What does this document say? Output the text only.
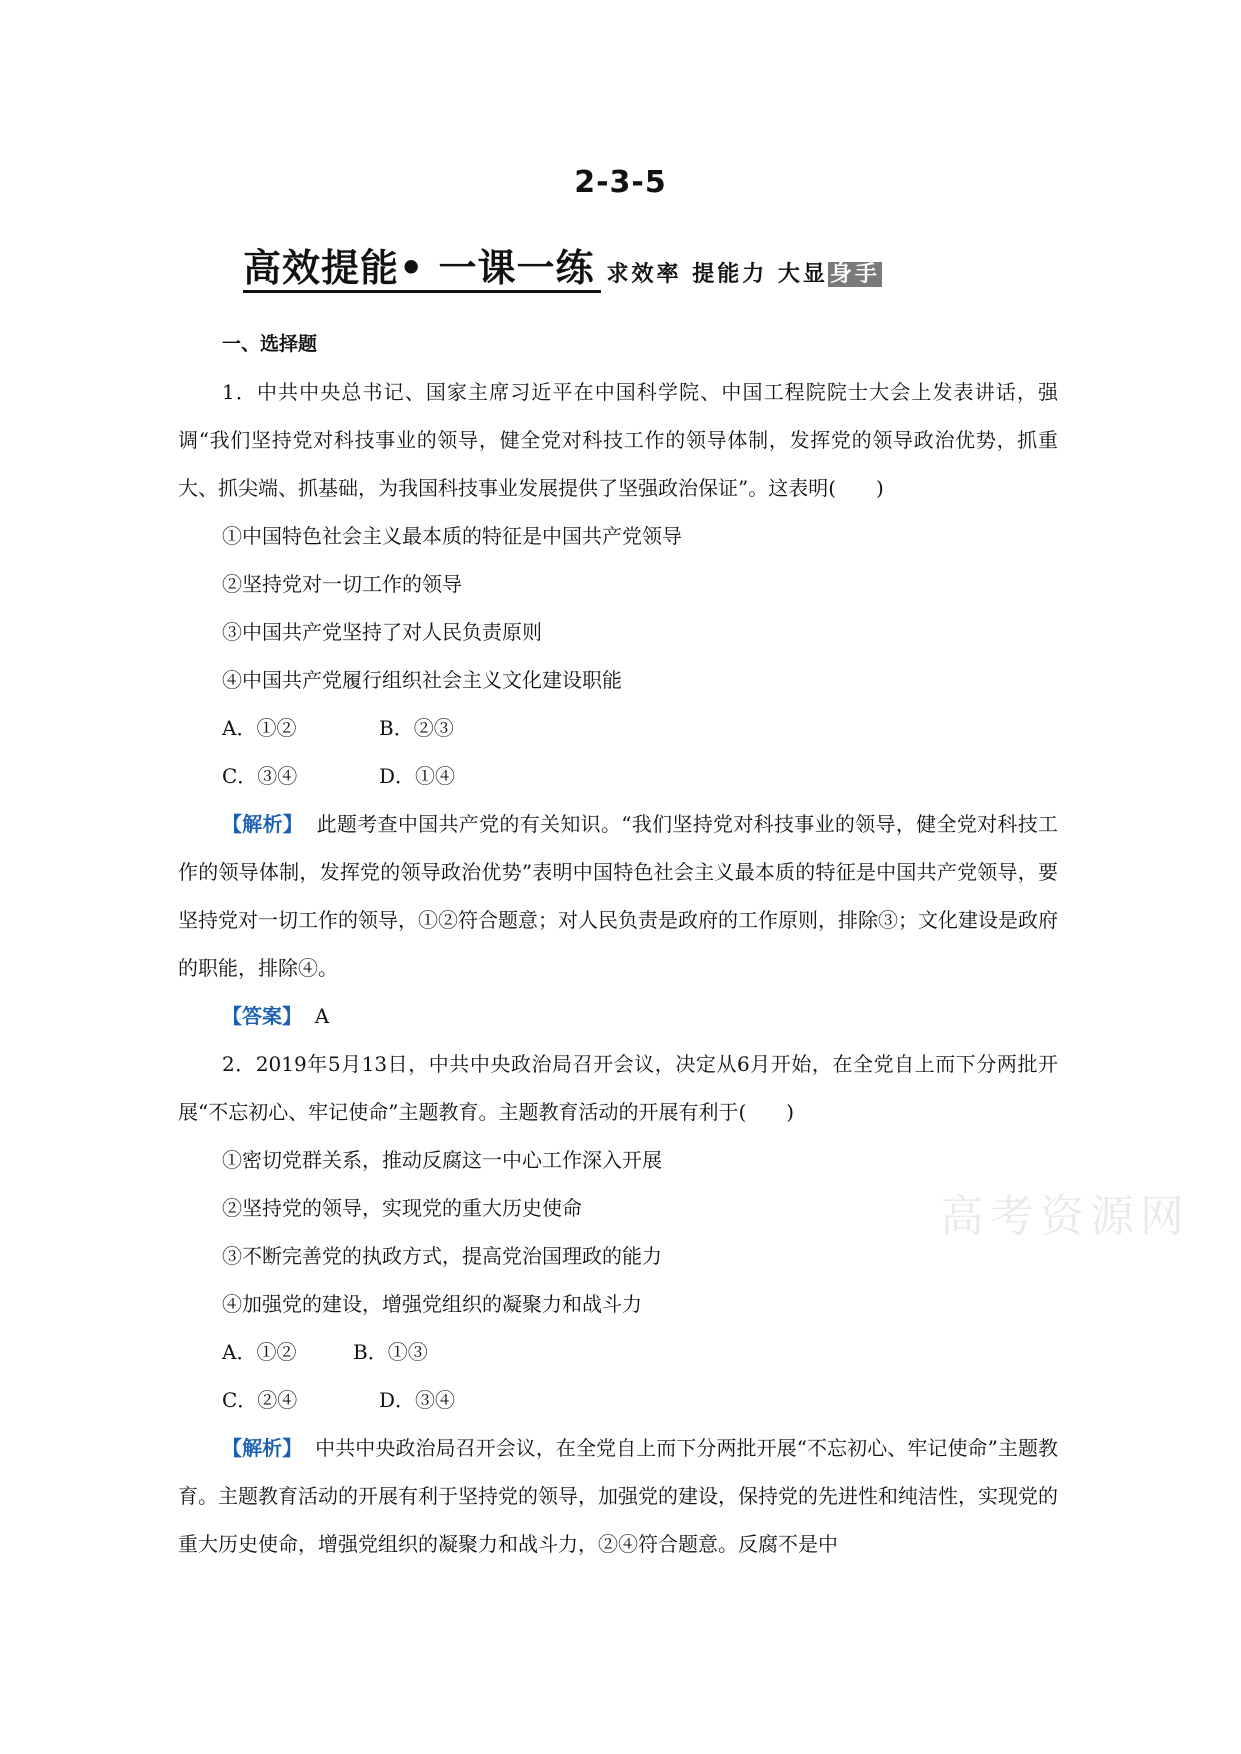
2-3-5
高效提能• 一课一练 求效率 提能力 大显身手
高考资源网
一、选择题

1．中共中央总书记、国家主席习近平在中国科学院、中国工程院院士大会上发表讲话，强调“我们坚持党对科技事业的领导，健全党对科技工作的领导体制，发挥党的领导政治优势，抓重大、抓尖端、抓基础，为我国科技事业发展提供了坚强政治保证”。这表明(　　)

①中国特色社会主义最本质的特征是中国共产党领导

②坚持党对一切工作的领导

③中国共产党坚持了对人民负责原则

④中国共产党履行组织社会主义文化建设职能

A．①②	B．②③
C．③④	D．①④

【解析】 此题考查中国共产党的有关知识。“我们坚持党对科技事业的领导，健全党对科技工作的领导体制，发挥党的领导政治优势”表明中国特色社会主义最本质的特征是中国共产党领导，要坚持党对一切工作的领导，①②符合题意；对人民负责是政府的工作原则，排除③；文化建设是政府的职能，排除④。

【答案】 A

2．2019年5月13日，中共中央政治局召开会议，决定从6月开始，在全党自上而下分两批开展“不忘初心、牢记使命”主题教育。主题教育活动的开展有利于(　　)

①密切党群关系，推动反腐这一中心工作深入开展

②坚持党的领导，实现党的重大历史使命

③不断完善党的执政方式，提高党治国理政的能力

④加强党的建设，增强党组织的凝聚力和战斗力

A．①②	B．①③
C．②④	D．③④

【解析】 中共中央政治局召开会议，在全党自上而下分两批开展“不忘初心、牢记使命”主题教育。主题教育活动的开展有利于坚持党的领导，加强党的建设，保持党的先进性和纯洁性，实现党的重大历史使命，增强党组织的凝聚力和战斗力，②④符合题意。反腐不是中
